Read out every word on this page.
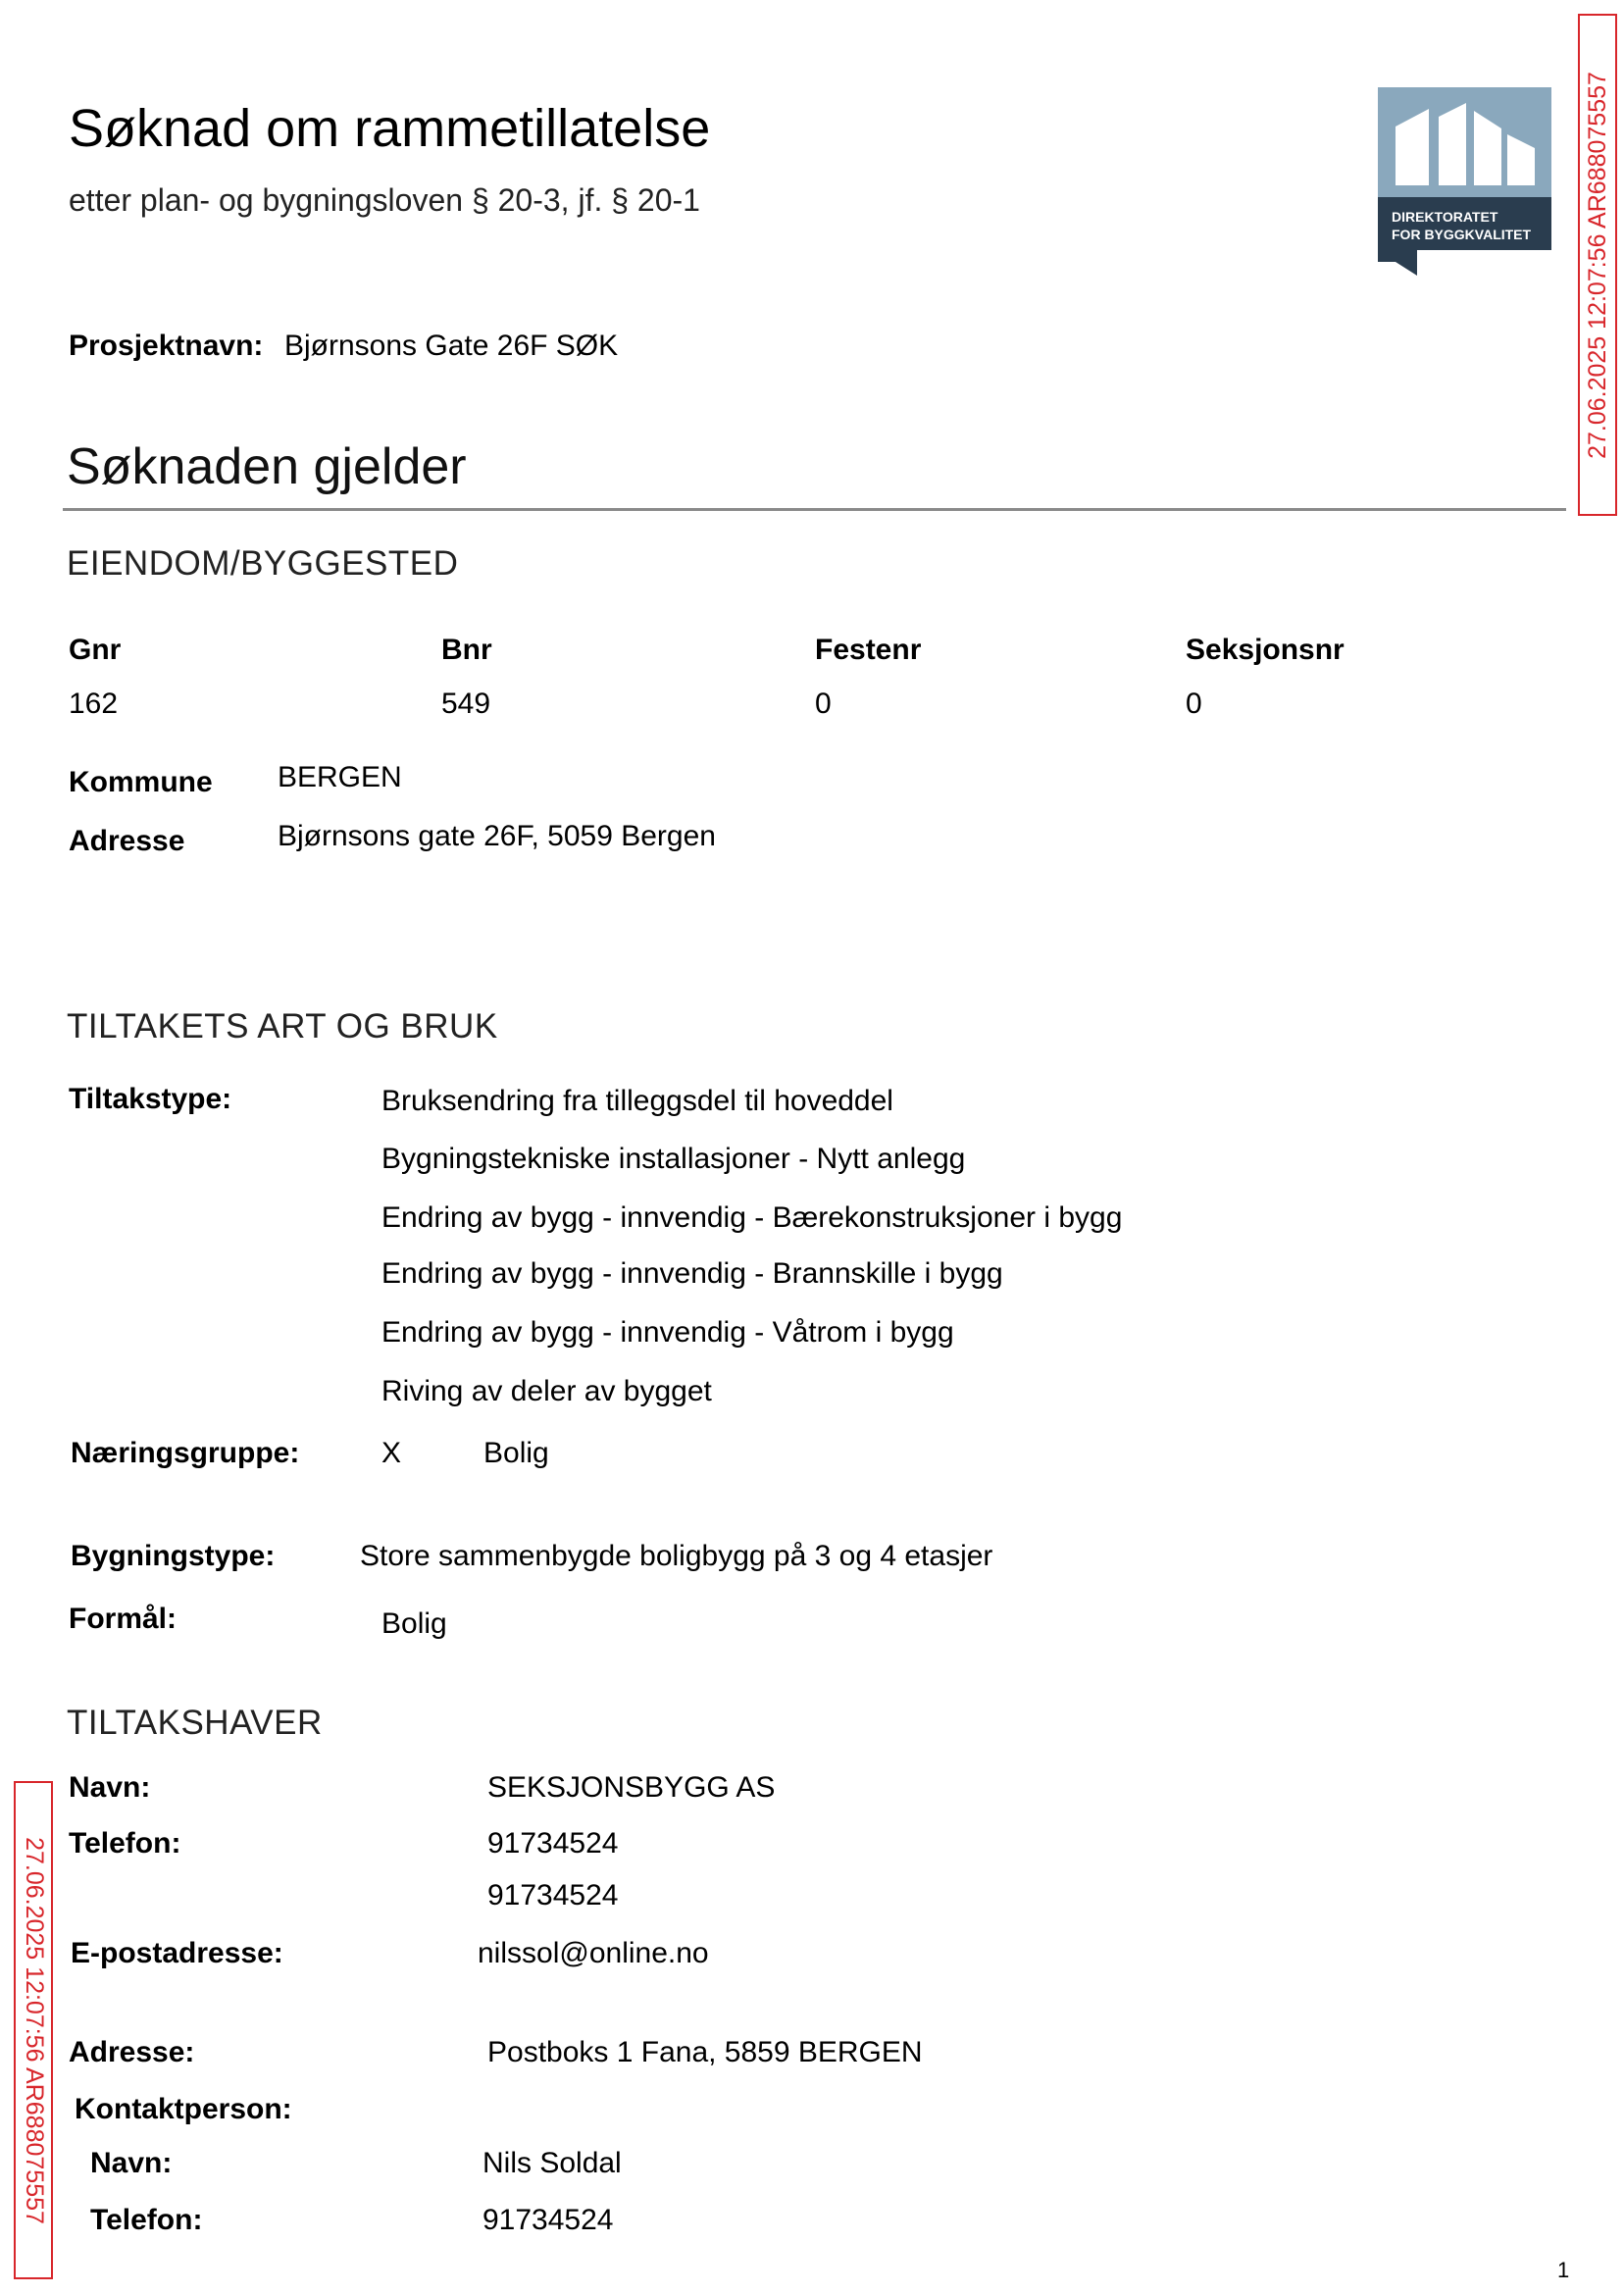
Søknad om rammetillatelse
etter plan- og bygningsloven § 20-3, jf. § 20-1
Prosjektnavn: Bjørnsons Gate 26F SØK
DIREKTORATET
FOR BYGGKVALITET 27.06.2025 12:07:56 AR688075557
Søknaden gjelder
EIENDOM/BYGGESTED
Gnr	Bnr	Festenr	Seksjonsnr
162	549	0	0
Kommune BERGEN
Adresse	Bjørnsons gate 26F, 5059 Bergen
TILTAKETS ART OG BRUK
Tiltakstype:	Bruksendring fra tilleggsdel til hoveddel
Bygningstekniske installasjoner - Nytt anlegg
Endring av bygg - innvendig - Bærekonstruksjoner i bygg
Endring av bygg - innvendig - Brannskille i bygg
Endring av bygg - innvendig - Våtrom i bygg
Riving av deler av bygget
Næringsgruppe:	X	Bolig
Bygningstype:	Store sammenbygde boligbygg på 3 og 4 etasjer
Formål:	Bolig
TILTAKSHAVER
Navn:	SEKSJONSBYGG AS
Telefon:	91734524
91734524
E-postadresse:	nilssol@online.no
Adresse:	Postboks 1 Fana, 5859 BERGEN
Kontaktperson:
Navn:	Nils Soldal
Telefon:	91734524
27.06.2025 12:07:56 AR688075557
1
